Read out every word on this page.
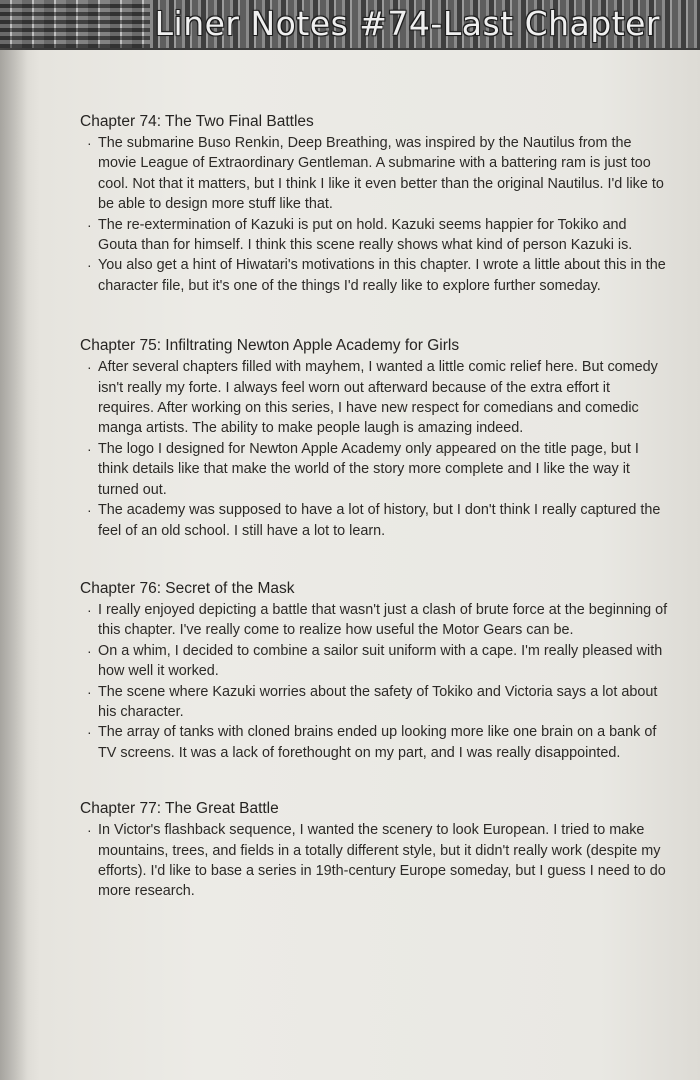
Liner Notes #74-Last Chapter
Chapter 74: The Two Final Battles
· The submarine Buso Renkin, Deep Breathing, was inspired by the Nautilus from the movie League of Extraordinary Gentleman. A submarine with a battering ram is just too cool. Not that it matters, but I think I like it even better than the original Nautilus. I'd like to be able to design more stuff like that.
· The re-extermination of Kazuki is put on hold. Kazuki seems happier for Tokiko and Gouta than for himself. I think this scene really shows what kind of person Kazuki is.
· You also get a hint of Hiwatari's motivations in this chapter. I wrote a little about this in the character file, but it's one of the things I'd really like to explore further someday.
Chapter 75: Infiltrating Newton Apple Academy for Girls
· After several chapters filled with mayhem, I wanted a little comic relief here. But comedy isn't really my forte. I always feel worn out afterward because of the extra effort it requires. After working on this series, I have new respect for comedians and comedic manga artists. The ability to make people laugh is amazing indeed.
· The logo I designed for Newton Apple Academy only appeared on the title page, but I think details like that make the world of the story more complete and I like the way it turned out.
· The academy was supposed to have a lot of history, but I don't think I really captured the feel of an old school. I still have a lot to learn.
Chapter 76: Secret of the Mask
· I really enjoyed depicting a battle that wasn't just a clash of brute force at the beginning of this chapter. I've really come to realize how useful the Motor Gears can be.
· On a whim, I decided to combine a sailor suit uniform with a cape. I'm really pleased with how well it worked.
· The scene where Kazuki worries about the safety of Tokiko and Victoria says a lot about his character.
· The array of tanks with cloned brains ended up looking more like one brain on a bank of TV screens. It was a lack of forethought on my part, and I was really disappointed.
Chapter 77: The Great Battle
· In Victor's flashback sequence, I wanted the scenery to look European. I tried to make mountains, trees, and fields in a totally different style, but it didn't really work (despite my efforts). I'd like to base a series in 19th-century Europe someday, but I guess I need to do more research.
